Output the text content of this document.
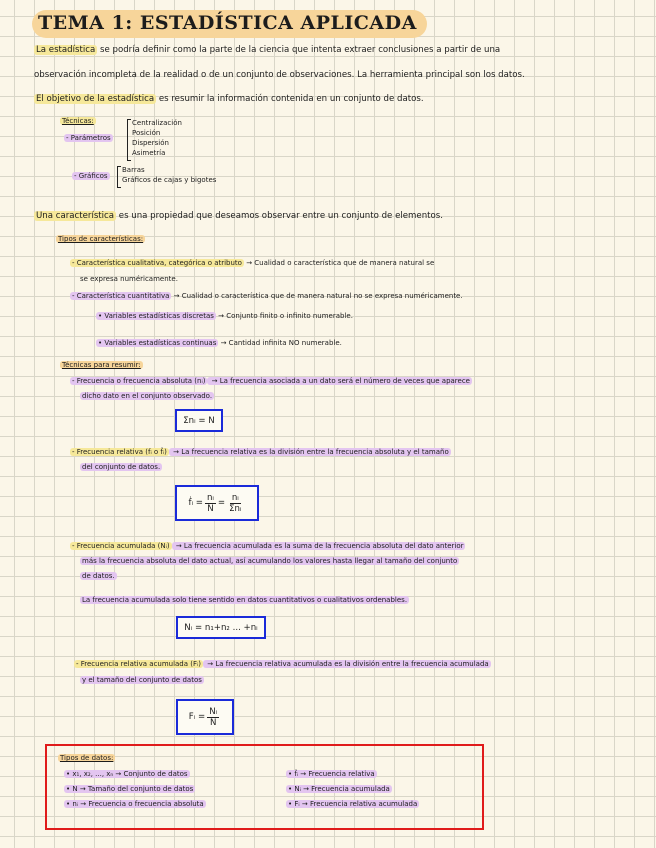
TEMA 1: ESTADÍSTICA APLICADA
La estadística se podría definir como la parte de la ciencia que intenta extraer conclusiones a partir de una
observación incompleta de la realidad o de un conjunto de observaciones. La herramienta principal son los datos.
El objetivo de la estadística es resumir la información contenida en un conjunto de datos.
Técnicas:
- Parámetros
Centralización
Posición
Dispersión
Asimetría
- Gráficos
Barras
Gráficos de cajas y bigotes
Una característica es una propiedad que deseamos observar entre un conjunto de elementos.
Tipos de características:
- Característica cualitativa, categórica o atributo → Cualidad o característica que de manera natural se
se expresa numéricamente.
- Característica cuantitativa → Cualidad o característica que de manera natural no se expresa numéricamente.
• Variables estadísticas discretas → Conjunto finito o infinito numerable.
• Variables estadísticas continuas → Cantidad infinita NO numerable.
Técnicas para resumir:
- Frecuencia o frecuencia absoluta (nᵢ) → La frecuencia asociada a un dato será el número de veces que aparece
dicho dato en el conjunto observado.
Σnᵢ = N
- Frecuencia relativa (fᵢ o ḟᵢ) → La frecuencia relativa es la división entre la frecuencia absoluta y el tamaño
del conjunto de datos.
ḟᵢ = $\frac{\text{nᵢ}}{N} = \frac{\text{nᵢ}}{\text{Σnᵢ}}$
- Frecuencia acumulada (Nᵢ) → La frecuencia acumulada es la suma de la frecuencia absoluta del dato anterior
más la frecuencia absoluta del dato actual, así acumulando los valores hasta llegar al tamaño del conjunto
de datos.
La frecuencia acumulada solo tiene sentido en datos cuantitativos o cualitativos ordenables.
Nᵢ = n₁+n₂ ... +nᵢ
- Frecuencia relativa acumulada (Fᵢ) → La frecuencia relativa acumulada es la división entre la frecuencia acumulada
y el tamaño del conjunto de datos
Fᵢ = $\frac{\text{Nᵢ}}{N}$
Tipos de datos:
• x₁, x₂, ..., xₙ → Conjunto de datos
• N → Tamaño del conjunto de datos
• nᵢ → Frecuencia o frecuencia absoluta
• ḟᵢ → Frecuencia relativa
• Nᵢ → Frecuencia acumulada
• Fᵢ → Frecuencia relativa acumulada
